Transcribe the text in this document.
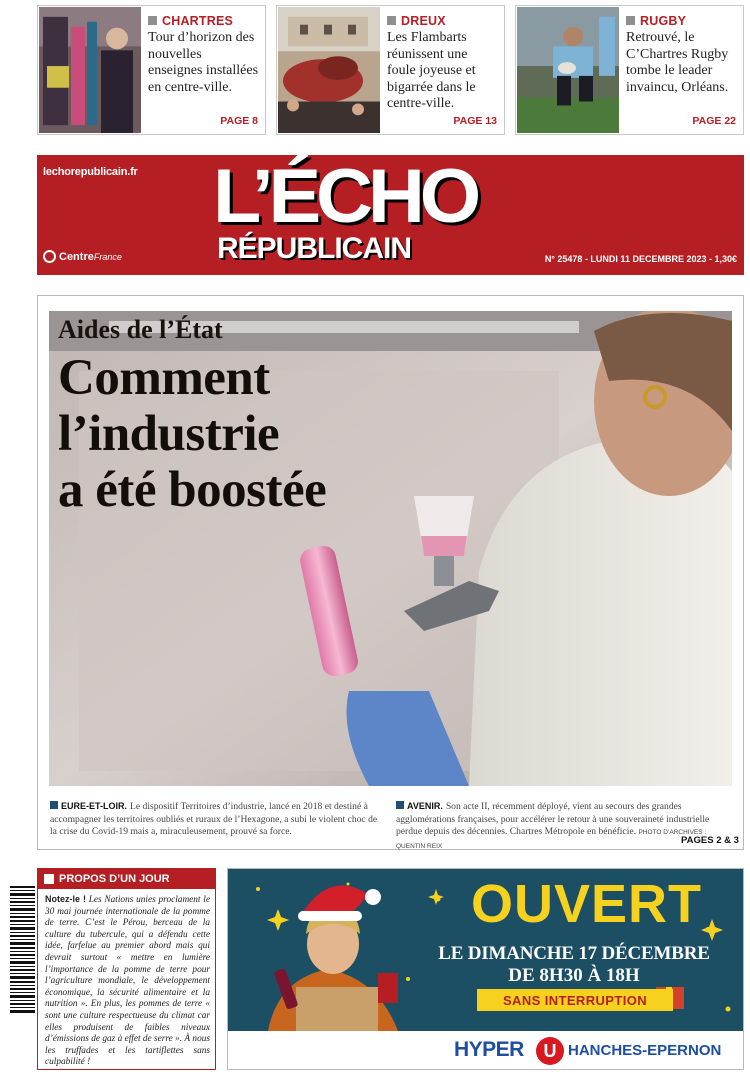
CHARTRES
Tour d’horizon des nouvelles enseignes installées en centre-ville.
PAGE 8
DREUX
Les Flambarts réunissent une foule joyeuse et bigarrée dans le centre-ville.
PAGE 13
RUGBY
Retrouvé, le C’Chartres Rugby tombe le leader invaincu, Orléans.
PAGE 22
lechorepublicain.fr L’ÉCHO
RÉPUBLICAIN
CentreFrance	N° 25478 - LUNDI 11 DECEMBRE 2023 - 1,30€
PAGES 2 & 3
Aides de l’État
Comment
l’industrie
a été boostée
EURE-ET-LOIR. Le dispositif Territoires d’industrie, lancé en 2018 et destiné à accompagner les territoires oubliés et ruraux de l’Hexagone, a subi le violent choc de la crise du Covid-19 mais a, miraculeusement, prouvé sa force.
AVENIR. Son acte II, récemment déployé, vient au secours des grandes agglomérations françaises, pour accélérer le retour à une souveraineté industrielle perdue depuis des décennies. Chartres Métropole en bénéficie. PHOTO D’ARCHIVES : QUENTIN REIX
PROPOS D’UN JOUR
Notez-le ! Les Nations unies proclament le 30 mai journée internationale de la pomme de terre. C’est le Pérou, berceau de la culture du tubercule, qui a défendu cette idée, farfelue au premier abord mais qui devrait surtout « mettre en lumière l’importance de la pomme de terre pour l’agriculture mondiale, le développement économique, la sécurité alimentaire et la nutrition ». En plus, les pommes de terre « sont une culture respectueuse du climat car elles produisent de faibles niveaux d’émissions de gaz à effet de serre ». À nous les truffades et les tartiflettes sans culpabilité !
OUVERT
LE DIMANCHE 17 DÉCEMBRE
DE 8H30 À 18H
SANS INTERRUPTION
HYPER	U HANCHES-EPERNON
